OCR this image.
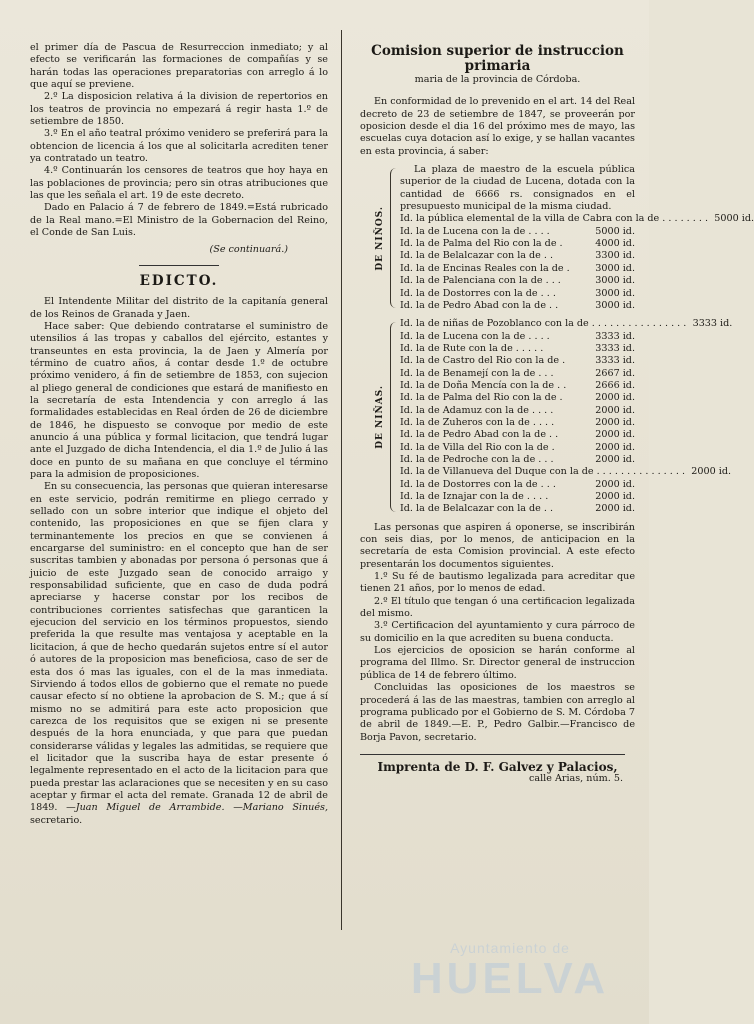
el primer día de Pascua de Resurreccion inmediato; y al efecto se verificarán las formaciones de compañías y se harán todas las operaciones preparatorias con arreglo á lo que aquí se previene.

2.º La disposicion relativa á la division de repertorios en los teatros de provincia no empezará á regir hasta 1.º de setiembre de 1850.

3.º En el año teatral próximo venidero se preferirá para la obtencion de licencia á los que al solicitarla acrediten tener ya contratado un teatro.

4.º Continuarán los censores de teatros que hoy haya en las poblaciones de provincia; pero sin otras atribuciones que las que les señala el art. 19 de este decreto.

Dado en Palacio á 7 de febrero de 1849.=Está rubricado de la Real mano.=El Ministro de la Gobernacion del Reino, el Conde de San Luis.

(Se continuará.)

EDICTO.

El Intendente Militar del distrito de la capitanía general de los Reinos de Granada y Jaen.

Hace saber: Que debiendo contratarse el suministro de utensilios á las tropas y caballos del ejército, estantes y transeuntes en esta provincia, la de Jaen y Almería por término de cuatro años, á contar desde 1.º de octubre próximo venidero, á fin de setiembre de 1853, con sujecion al pliego general de condiciones que estará de manifiesto en la secretaría de esta Intendencia y con arreglo á las formalidades establecidas en Real órden de 26 de diciembre de 1846, he dispuesto se convoque por medio de este anuncio á una pública y formal licitacion, que tendrá lugar ante el Juzgado de dicha Intendencia, el dia 1.º de Julio á las doce en punto de su mañana en que concluye el término para la admision de proposiciones.

En su consecuencia, las personas que quieran interesarse en este servicio, podrán remitirme en pliego cerrado y sellado con un sobre interior que indique el objeto del contenido, las proposiciones en que se fijen clara y terminantemente los precios en que se convienen á encargarse del suministro: en el concepto que han de ser suscritas tambien y abonadas por persona ó personas que á juicio de este Juzgado sean de conocido arraigo y responsabilidad suficiente, que en caso de duda podrá apreciarse y hacerse constar por los recibos de contribuciones corrientes satisfechas que garanticen la ejecucion del servicio en los términos propuestos, siendo preferida la que resulte mas ventajosa y aceptable en la licitacion, á que de hecho quedarán sujetos entre sí el autor ó autores de la proposicion mas beneficiosa, caso de ser de esta dos ó mas las iguales, con el de la mas inmediata. Sirviendo á todos ellos de gobierno que el remate no puede causar efecto sí no obtiene la aprobacion de S. M.; que á sí mismo no se admitirá para este acto proposicion que carezca de los requisitos que se exigen ni se presente después de la hora enunciada, y que para que puedan considerarse válidas y legales las admitidas, se requiere que el licitador que la suscriba haya de estar presente ó legalmente representado en el acto de la licitacion para que pueda prestar las aclaraciones que se necesiten y en su caso aceptar y firmar el acta del remate. Granada 12 de abril de 1849. —Juan Miguel de Arrambide. —Mariano Sinués, secretario.

Comision superior de instruccion primaria
maria de la provincia de Córdoba.

En conformidad de lo prevenido en el art. 14 del Real decreto de 23 de setiembre de 1847, se proveerán por oposicion desde el dia 16 del próximo mes de mayo, las escuelas cuya dotacion así lo exige, y se hallan vacantes en esta provincia, á saber:

DE NIÑOS.

La plaza de maestro de la escuela pública superior de la ciudad de Lucena, dotada con la cantidad de 6666 rs. consignados en el presupuesto municipal de la misma ciudad.

Id. la pública elemental de la villa de Cabra con la de . . . . . . . . 5000 id.
Id. la de Lucena con la de . . . .	5000 id.
Id. la de Palma del Rio con la de .	4000 id.
Id. la de Belalcazar con la de . .	3300 id.
Id. la de Encinas Reales con la de .	3000 id.
Id. la de Palenciana con la de . . .	3000 id.
Id. la de Dostorres con la de . . .	3000 id.
Id. la de Pedro Abad con la de . .	3000 id.
DE NIÑAS.
Id. la de niñas de Pozoblanco con la de . . . . . . . . . . . . . . . . 3333 id.
Id. la de Lucena con la de . . . .	3333 id.
Id. la de Rute con la de . . . . .	3333 id.
Id. la de Castro del Rio con la de .	3333 id.
Id. la de Benamejí con la de . . .	2667 id.
Id. la de Doña Mencía con la de . .	2666 id.
Id. la de Palma del Rio con la de .	2000 id.
Id. la de Adamuz con la de . . . .	2000 id.
Id. la de Zuheros con la de . . . .	2000 id.
Id. la de Pedro Abad con la de . .	2000 id.
Id. la de Villa del Rio con la de .	2000 id.
Id. la de Pedroche con la de . . .	2000 id.
Id. la de Villanueva del Duque con la de . . . . . . . . . . . . . . . 2000 id.
Id. la de Dostorres con la de . . .	2000 id.
Id. la de Iznajar con la de . . . .	2000 id.
Id. la de Belalcazar con la de . .	2000 id.

Las personas que aspiren á oponerse, se inscribirán con seis dias, por lo menos, de anticipacion en la secretaría de esta Comision provincial. A este efecto presentarán los documentos siguientes.

1.º Su fé de bautismo legalizada para acreditar que tienen 21 años, por lo menos de edad.

2.º El título que tengan ó una certificacion legalizada del mismo.

3.º Certificacion del ayuntamiento y cura párroco de su domicilio en la que acrediten su buena conducta.

Los ejercicios de oposicion se harán conforme al programa del Illmo. Sr. Director general de instruccion pública de 14 de febrero último.

Concluidas las oposiciones de los maestros se procederá á las de las maestras, tambien con arreglo al programa publicado por el Gobierno de S. M. Córdoba 7 de abril de 1849.—E. P., Pedro Galbir.—Francisco de Borja Pavon, secretario.

Imprenta de D. F. Galvez y Palacios,
calle Arias, núm. 5.
Ayuntamiento de
HUELVA
